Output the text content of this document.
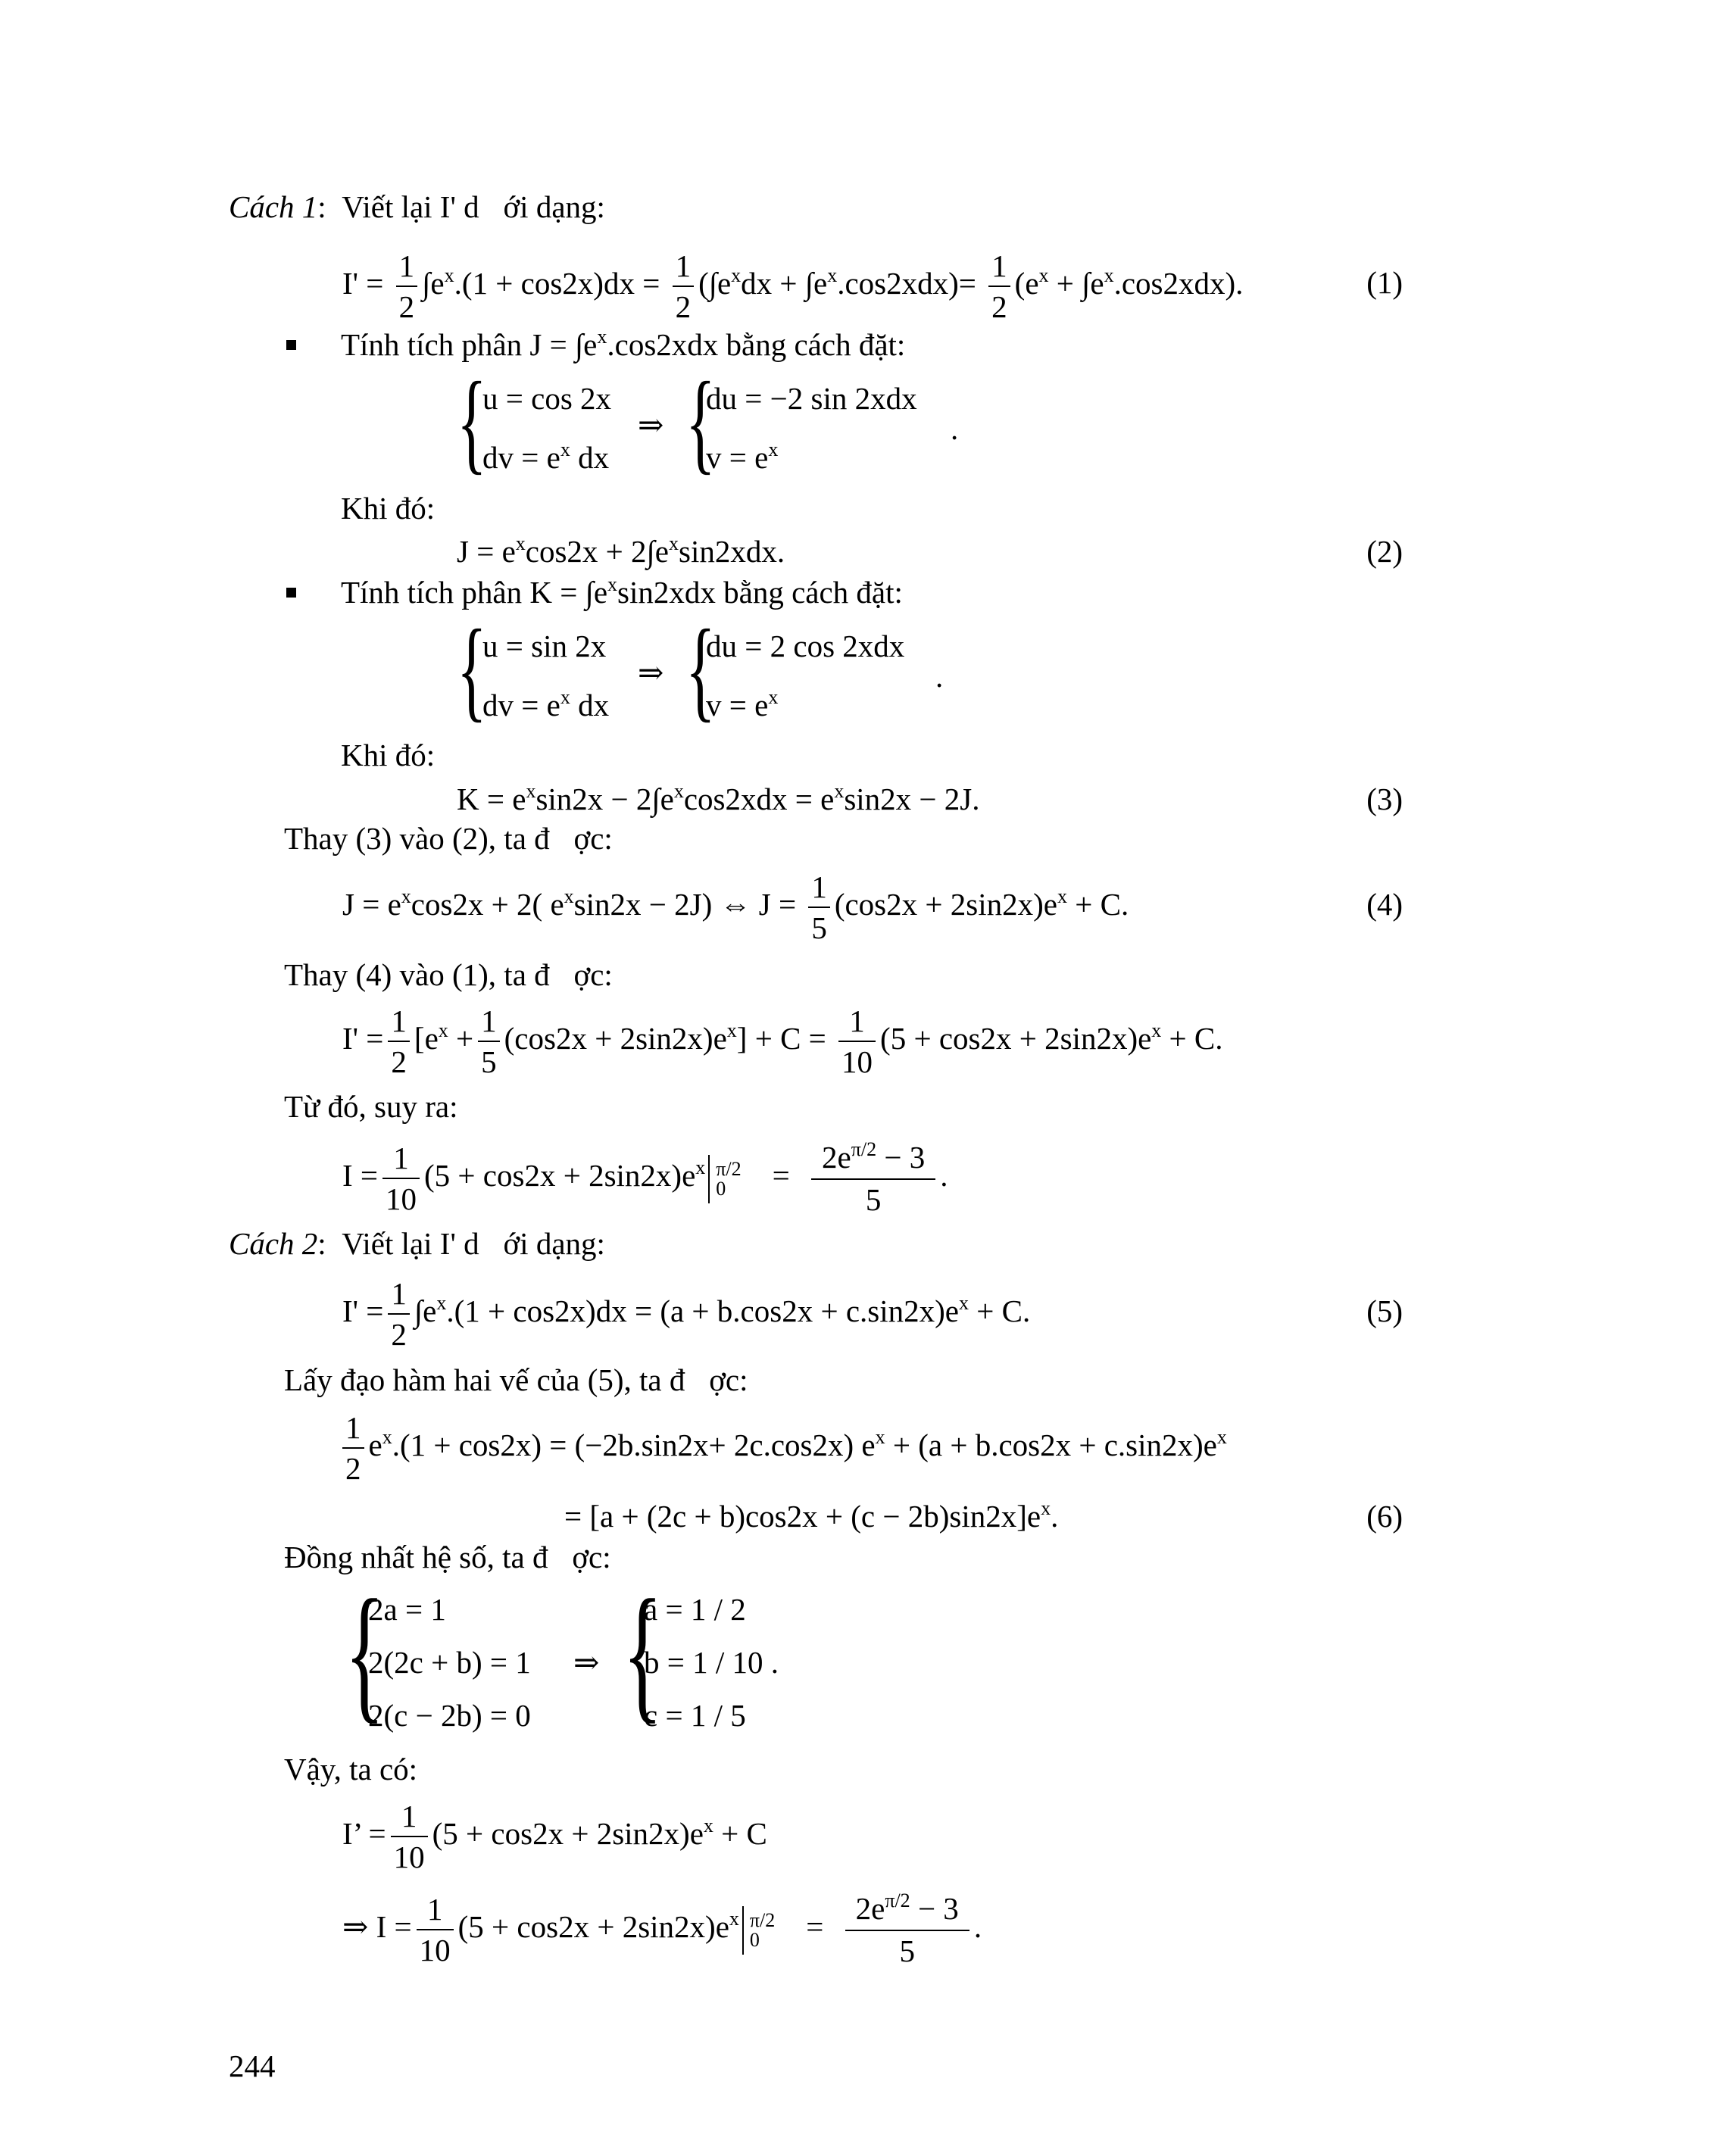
Cách 1: Viết lại I' d ới dạng:
$I' = \frac{1}{2} \int e^x.(1 + \cos 2x)dx = \frac{1}{2} (\int e^xdx + \int e^x.\cos 2xdx)= \frac{1}{2} (e^x + \int e^x.\cos 2xdx)$.	(1)
Tính tích phân $J = \int e^x.\cos 2xdx$ bằng cách đặt:
{
u = cos 2x
dv = $e^x$ dx
⇒ {
du = −2 sin 2xdx
$v = e^x$
.
Khi đó:
$J = e^x\cos 2x + 2\int e^x\sin 2xdx$.	(2)
Tính tích phân $K = \int e^x\sin 2xdx$ bằng cách đặt:
{
u = sin 2x
dv = $e^x$ dx
⇒ {
du = 2 cos 2xdx
$v = e^x$
.
Khi đó:
$K = e^x\sin 2x - 2\int e^x\cos 2xdx = e^x\sin 2x - 2J$.	(3)
Thay (3) vào (2), ta đ ợc:
$J = e^x\cos 2x + 2$( $e^x\sin 2x - 2J$) ⇔ $J = \frac{1}{5} (\cos 2x + 2\sin 2x)e^x + C$.	(4)
Thay (4) vào (1), ta đ ợc:
$I' = \frac{1}{2} [e^x + \frac{1}{5} (\cos 2x + 2\sin 2x)e^x] + C = \frac{1}{10} (5 + \cos 2x + 2\sin 2x)e^x + C$.
Từ đó, suy ra:
$I = \frac{1}{10} (5 + \cos 2x + 2\sin 2x)e^x$ π/2
0	= $\frac{2e^{\pi/2} - 3}{5}$ .
Cách 2: Viết lại I' d ới dạng:
$I' = \frac{1}{2} \int e^x.(1 + \cos 2x)dx = (a + b.\cos 2x + c.\sin 2x)e^x + C$.	(5)
Lấy đạo hàm hai vế của (5), ta đ ợc:
$\frac{1}{2} e^x.(1 + \cos 2x) = (-2b.\sin 2x+ 2c.\cos 2x) e^x + (a + b.\cos 2x + c.\sin 2x)e^x$
= $[a + (2c + b)\cos 2x + (c - 2b)\sin 2x]e^x$.	(6)
Đồng nhất hệ số, ta đ ợc:
{
2a = 1
2(2c + b) = 1
2(c − 2b) = 0
⇒ {
a = 1 / 2
b = 1 / 10 .
c = 1 / 5
Vậy, ta có:
I’ = $\frac{1}{10} (5 + \cos 2x + 2\sin 2x)e^x + C$
⇒ $I = \frac{1}{10} (5 + \cos 2x + 2\sin 2x)e^x$ π/2
0	= $\frac{2e^{\pi/2} - 3}{5}$ .
244
